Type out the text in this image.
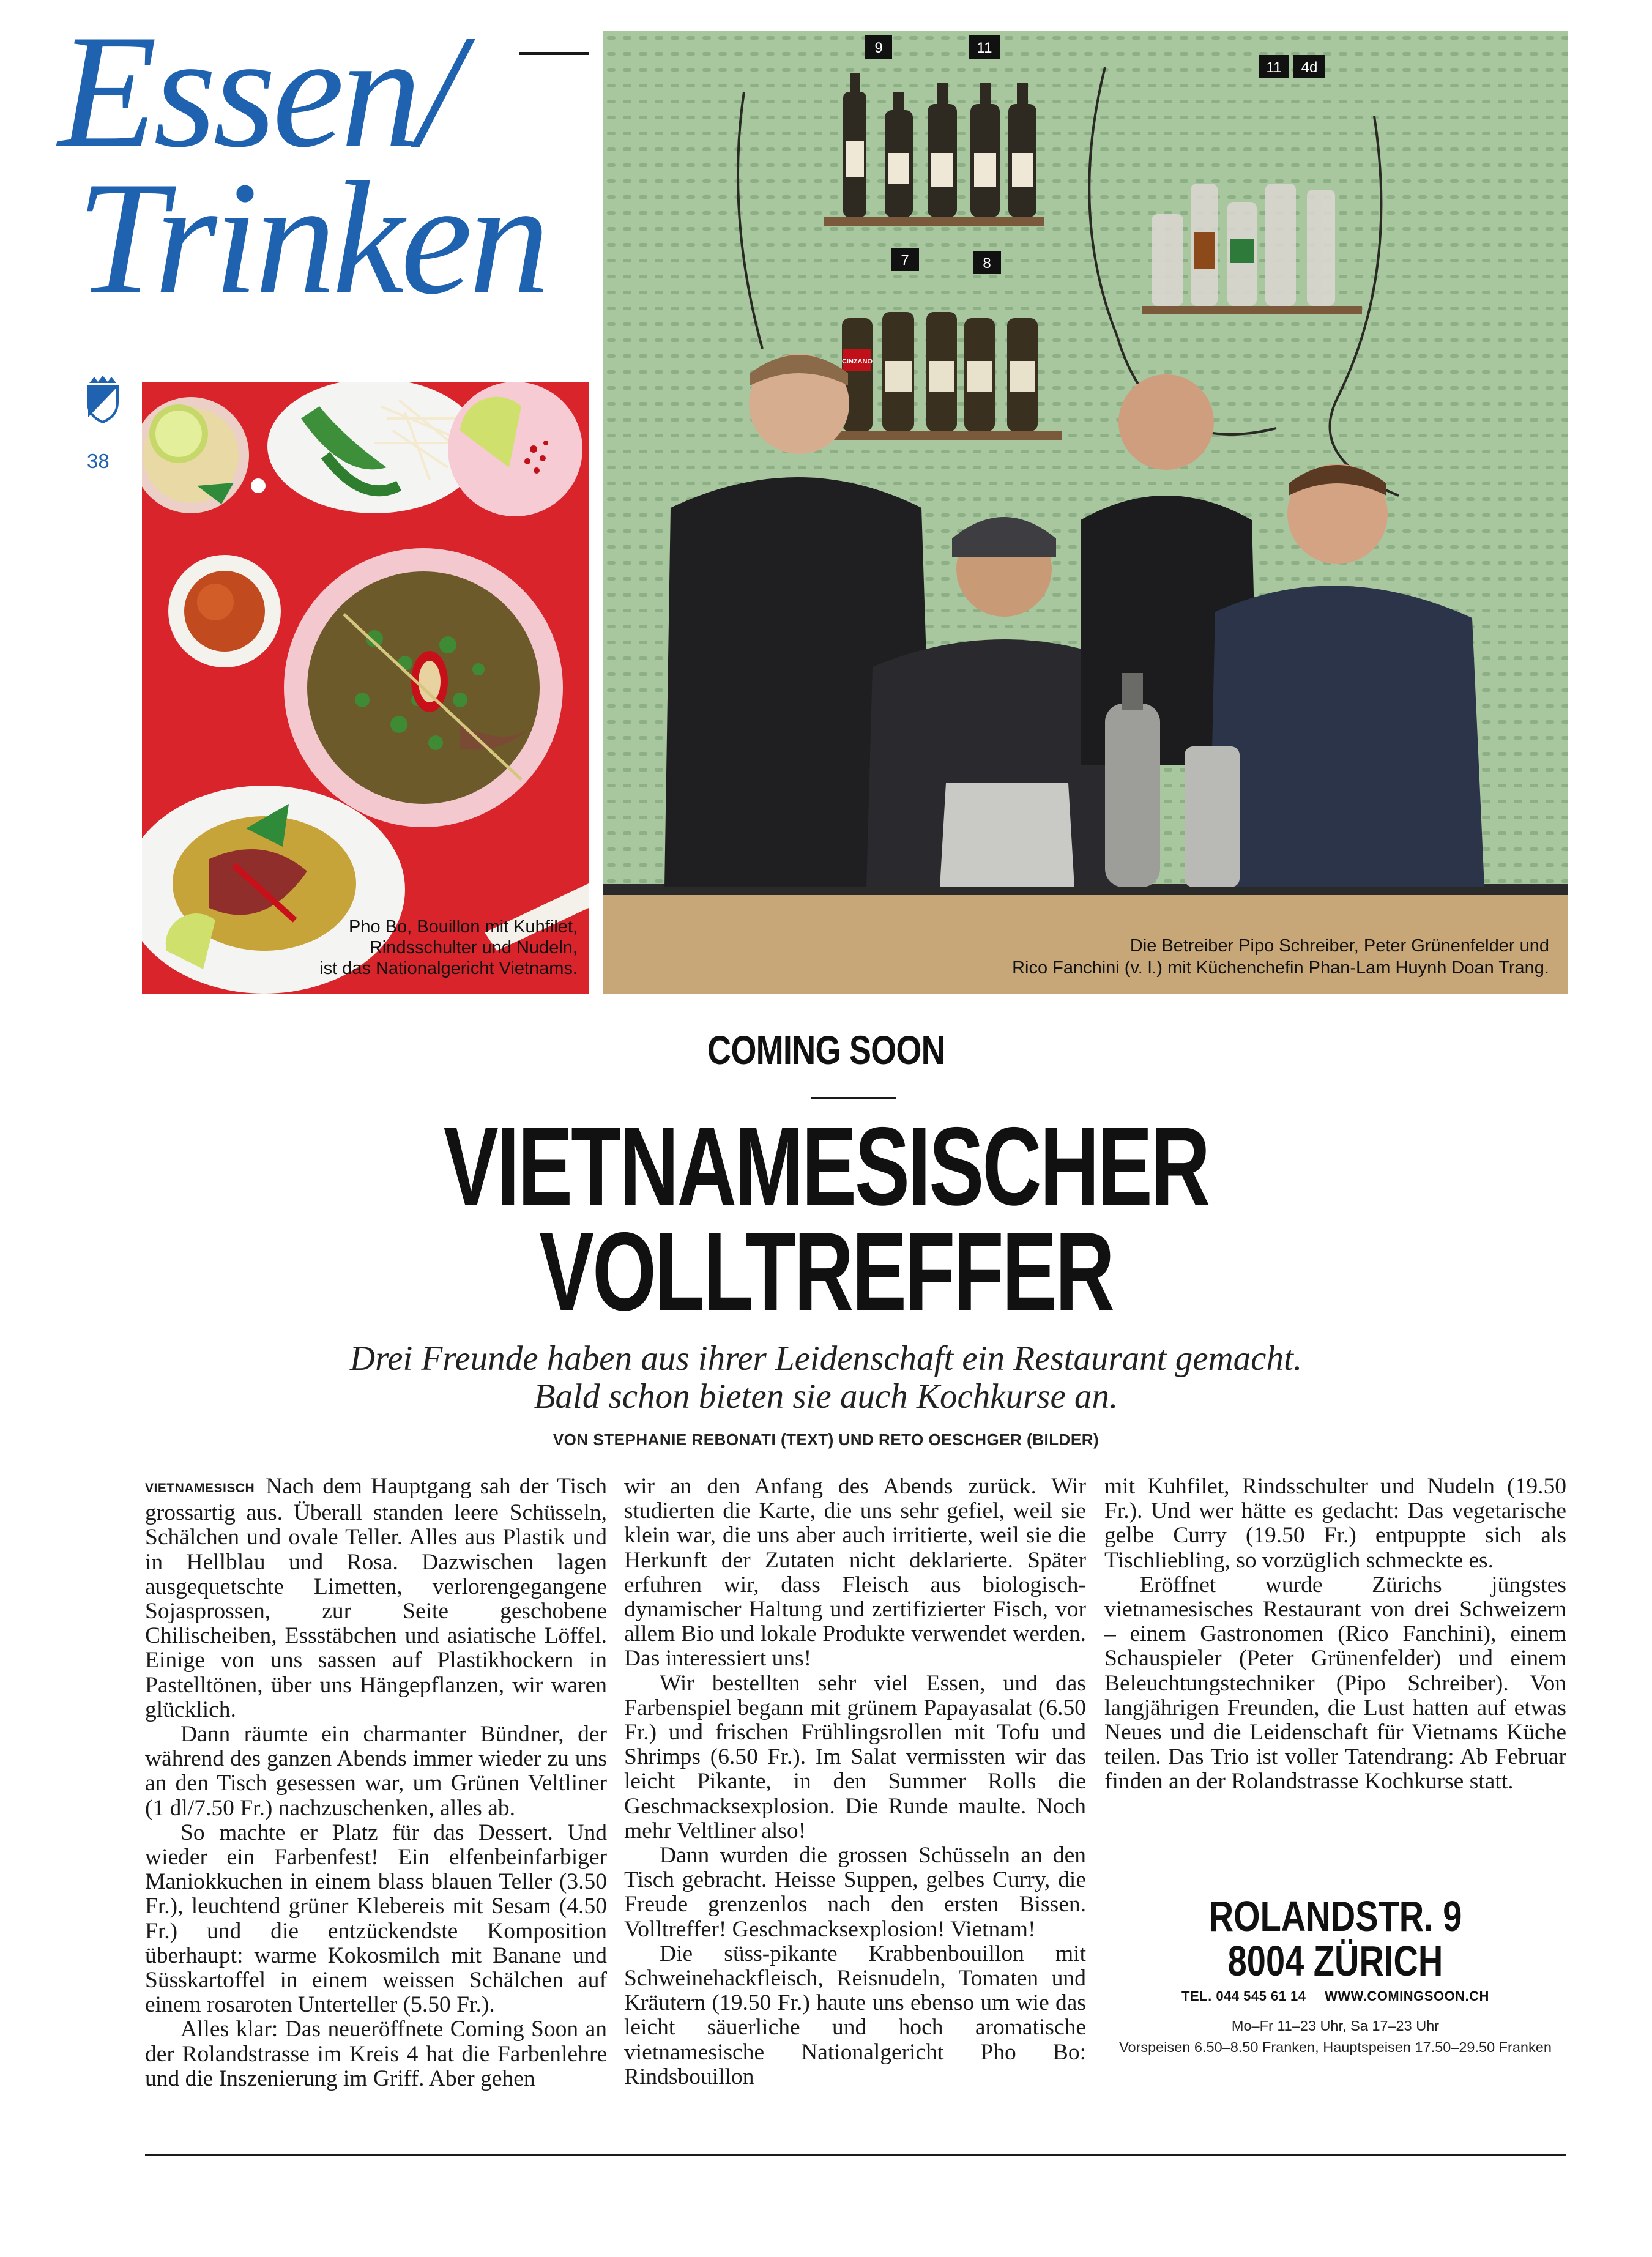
Essen/
Trinken
38
Pho Bo, Bouillon mit Kuhfilet,
Rindsschulter und Nudeln,
ist das Nationalgericht Vietnams.
9	11
11 4d
7	8
CINZANO
Die Betreiber Pipo Schreiber, Peter Grünenfelder und
Rico Fanchini (v. l.) mit Küchenchefin Phan-Lam Huynh Doan Trang.
COMING SOON
VIETNAMESISCHER
VOLLTREFFER
Drei Freunde haben aus ihrer Leidenschaft ein Restaurant gemacht.
Bald schon bieten sie auch Kochkurse an.
VON STEPHANIE REBONATI (TEXT) UND RETO OESCHGER (BILDER)

VIETNAMESISCH Nach dem Hauptgang sah der Tisch grossartig aus. Überall standen leere Schüsseln, Schälchen und ovale Teller. Alles aus Plastik und in Hellblau und Rosa. Dazwischen lagen ausgequetschte Limetten, verlorengegangene Sojasprossen, zur Seite geschobene Chilischeiben, Essstäbchen und asiatische Löffel. Einige von uns sassen auf Plastikhockern in Pastelltönen, über uns Hängepflanzen, wir waren glücklich.

Dann räumte ein charmanter Bündner, der während des ganzen Abends immer wieder zu uns an den Tisch gesessen war, um Grünen Veltliner (1 dl/7.50 Fr.) nachzuschenken, alles ab.

So machte er Platz für das Dessert. Und wieder ein Farbenfest! Ein elfenbeinfarbiger Maniokkuchen in einem blass blauen Teller (3.50 Fr.), leuchtend grüner Klebereis mit Sesam (4.50 Fr.) und die entzückendste Komposition überhaupt: warme Kokosmilch mit Banane und Süsskartoffel in einem weissen Schälchen auf einem rosaroten Unterteller (5.50 Fr.).

Alles klar: Das neueröffnete Coming Soon an der Rolandstrasse im Kreis 4 hat die Farbenlehre und die Inszenierung im Griff. Aber gehen

wir an den Anfang des Abends zurück. Wir studierten die Karte, die uns sehr gefiel, weil sie klein war, die uns aber auch irritierte, weil sie die Herkunft der Zutaten nicht deklarierte. Später erfuhren wir, dass Fleisch aus biologisch-dynamischer Haltung und zertifizierter Fisch, vor allem Bio und lokale Produkte verwendet werden. Das interessiert uns!

Wir bestellten sehr viel Essen, und das Farbenspiel begann mit grünem Papayasalat (6.50 Fr.) und frischen Frühlingsrollen mit Tofu und Shrimps (6.50 Fr.). Im Salat vermissten wir das leicht Pikante, in den Summer Rolls die Geschmacksexplosion. Die Runde maulte. Noch mehr Veltliner also!

Dann wurden die grossen Schüsseln an den Tisch gebracht. Heisse Suppen, gelbes Curry, die Freude grenzenlos nach den ersten Bissen. Volltreffer! Geschmacksexplosion! Vietnam!

Die süss-pikante Krabbenbouillon mit Schweinehackfleisch, Reisnudeln, Tomaten und Kräutern (19.50 Fr.) haute uns ebenso um wie das leicht säuerliche und hoch aromatische vietnamesische Nationalgericht Pho Bo: Rindsbouillon

mit Kuhfilet, Rindsschulter und Nudeln (19.50 Fr.). Und wer hätte es gedacht: Das vegetarische gelbe Curry (19.50 Fr.) entpuppte sich als Tischliebling, so vorzüglich schmeckte es.

Eröffnet wurde Zürichs jüngstes vietnamesisches Restaurant von drei Schweizern – einem Gastronomen (Rico Fanchini), einem Schauspieler (Peter Grünenfelder) und einem Beleuchtungstechniker (Pipo Schreiber). Von langjährigen Freunden, die Lust hatten auf etwas Neues und die Leidenschaft für Vietnams Küche teilen. Das Trio ist voller Tatendrang: Ab Februar finden an der Rolandstrasse Kochkurse statt.

ROLANDSTR. 9
8004 ZÜRICH
TEL. 044 545 61 14 WWW.COMINGSOON.CH
Mo–Fr 11–23 Uhr, Sa 17–23 Uhr
Vorspeisen 6.50–8.50 Franken, Hauptspeisen 17.50–29.50 Franken
